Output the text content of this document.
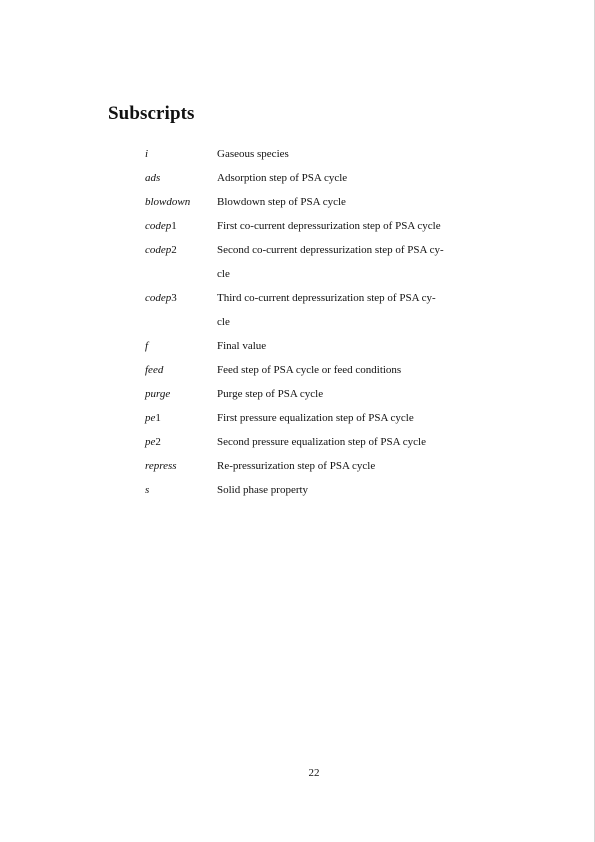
Subscripts
i	Gaseous species
ads	Adsorption step of PSA cycle
blowdown	Blowdown step of PSA cycle
codep1	First co-current depressurization step of PSA cycle
codep2	Second co-current depressurization step of PSA cy-
cle
codep3	Third co-current depressurization step of PSA cy-
cle
f	Final value
feed	Feed step of PSA cycle or feed conditions
purge	Purge step of PSA cycle
pe1	First pressure equalization step of PSA cycle
pe2	Second pressure equalization step of PSA cycle
repress	Re-pressurization step of PSA cycle
s	Solid phase property
22
